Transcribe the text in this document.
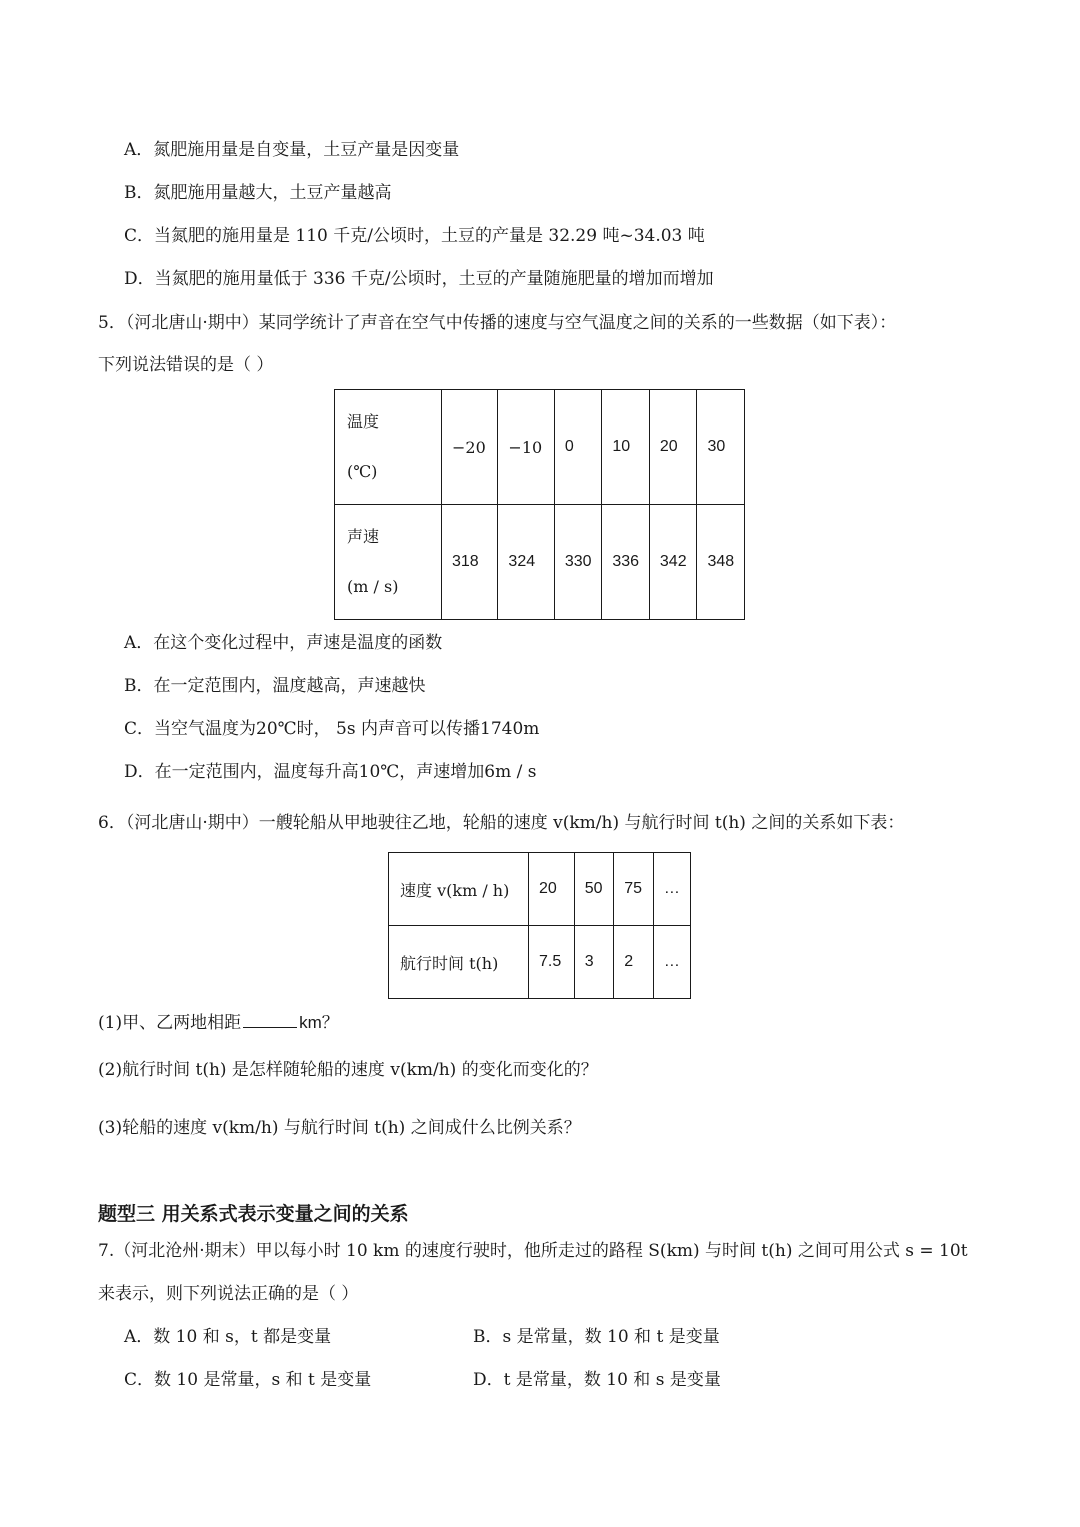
A．氮肥施用量是自变量，土豆产量是因变量
B．氮肥施用量越大，土豆产量越高
C．当氮肥的施用量是 110 千克/公顷时，土豆的产量是 32.29 吨~34.03 吨
D．当氮肥的施用量低于 336 千克/公顷时，土豆的产量随施肥量的增加而增加
5．（河北唐山·期中）某同学统计了声音在空气中传播的速度与空气温度之间的关系的一些数据（如下表）：
下列说法错误的是（ ）
温度
(℃)	−20	−10	0	10	20	30

声速
(m / s)	318	324	330	336	342	348
A．在这个变化过程中，声速是温度的函数
B．在一定范围内，温度越高，声速越快
C．当空气温度为20℃时， 5s 内声音可以传播1740m
D．在一定范围内，温度每升高10℃，声速增加6m / s
6．（河北唐山·期中）一艘轮船从甲地驶往乙地，轮船的速度 v(km/h) 与航行时间 t(h) 之间的关系如下表：
速度 v(km / h)	20	50	75	…
航行时间 t(h)	7.5	3	2	…
(1)甲、乙两地相距	km？
(2)航行时间 t(h) 是怎样随轮船的速度 v(km/h) 的变化而变化的？
(3)轮船的速度 v(km/h) 与航行时间 t(h) 之间成什么比例关系？
题型三 用关系式表示变量之间的关系
7.（河北沧州·期末）甲以每小时 10 km 的速度行驶时，他所走过的路程 S(km) 与时间 t(h) 之间可用公式 s = 10t
来表示，则下列说法正确的是（ ）
A．数 10 和 s，t 都是变量	B．s 是常量，数 10 和 t 是变量
C．数 10 是常量，s 和 t 是变量	D．t 是常量，数 10 和 s 是变量
